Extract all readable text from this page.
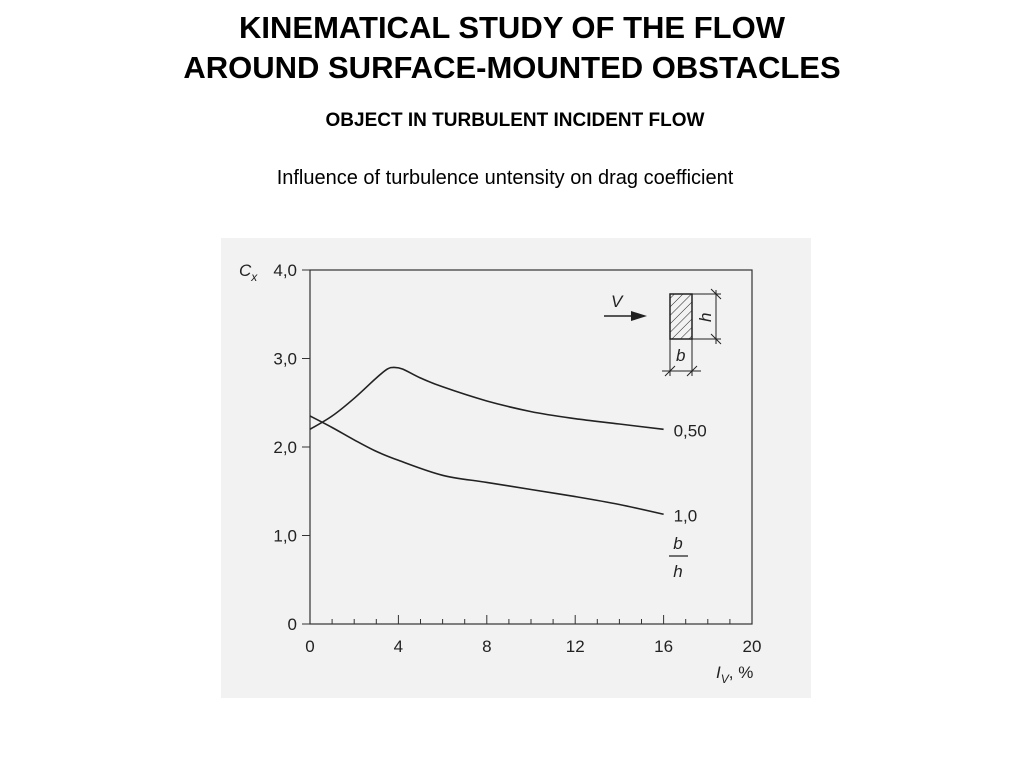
KINEMATICAL STUDY OF THE FLOW
AROUND SURFACE-MOUNTED OBSTACLES
OBJECT IN TURBULENT INCIDENT FLOW
Influence of turbulence untensity on drag coefficient
0	4	8	12	16	20
0
1,0
2,0
3,0
4,0
0,50
1,0
$C_x$
$I_V$, %
b
h
V
h
b
